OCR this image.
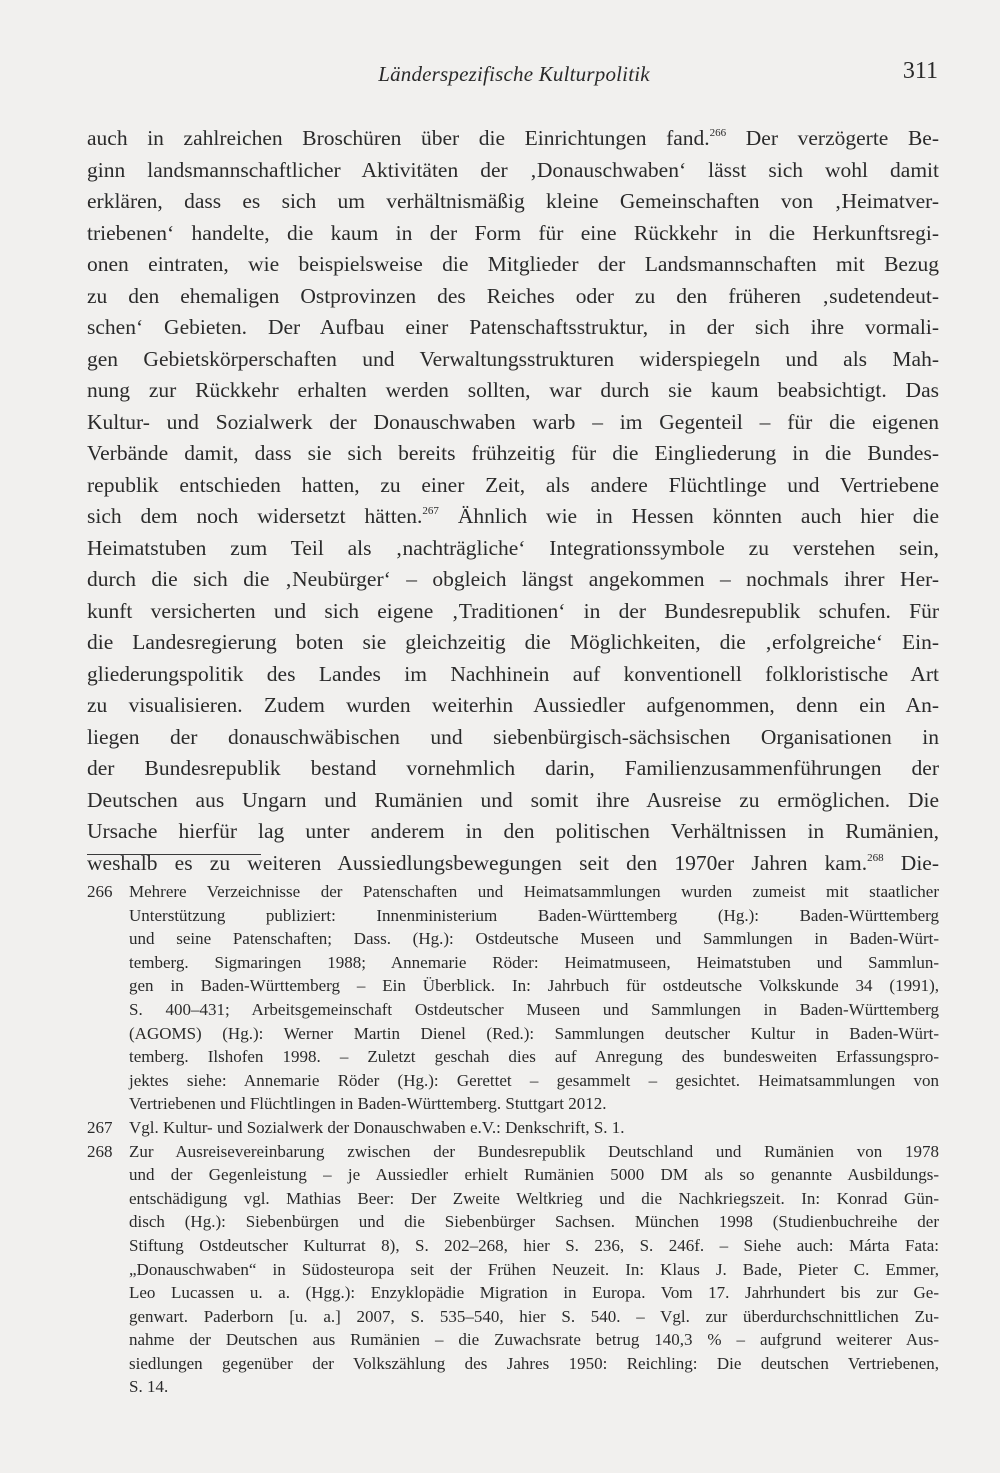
Länderspezifische Kulturpolitik	311
auch in zahlreichen Broschüren über die Einrichtungen fand.$^{266}$ Der verzögerte Be-
ginn landsmannschaftlicher Aktivitäten der ‚Donauschwaben‘ lässt sich wohl damit
erklären, dass es sich um verhältnismäßig kleine Gemeinschaften von ‚Heimatver-
triebenen‘ handelte, die kaum in der Form für eine Rückkehr in die Herkunftsregi-
onen eintraten, wie beispielsweise die Mitglieder der Landsmannschaften mit Bezug
zu den ehemaligen Ostprovinzen des Reiches oder zu den früheren ‚sudetendeut-
schen‘ Gebieten. Der Aufbau einer Patenschaftsstruktur, in der sich ihre vormali-
gen Gebietskörperschaften und Verwaltungsstrukturen widerspiegeln und als Mah-
nung zur Rückkehr erhalten werden sollten, war durch sie kaum beabsichtigt. Das
Kultur- und Sozialwerk der Donauschwaben warb – im Gegenteil – für die eigenen
Verbände damit, dass sie sich bereits frühzeitig für die Eingliederung in die Bundes-
republik entschieden hatten, zu einer Zeit, als andere Flüchtlinge und Vertriebene
sich dem noch widersetzt hätten.$^{267}$ Ähnlich wie in Hessen könnten auch hier die
Heimatstuben zum Teil als ‚nachträgliche‘ Integrationssymbole zu verstehen sein,
durch die sich die ‚Neubürger‘ – obgleich längst angekommen – nochmals ihrer Her-
kunft versicherten und sich eigene ‚Traditionen‘ in der Bundesrepublik schufen. Für
die Landesregierung boten sie gleichzeitig die Möglichkeiten, die ‚erfolgreiche‘ Ein-
gliederungspolitik des Landes im Nachhinein auf konventionell folkloristische Art
zu visualisieren. Zudem wurden weiterhin Aussiedler aufgenommen, denn ein An-
liegen der donauschwäbischen und siebenbürgisch-sächsischen Organisationen in
der Bundesrepublik bestand vornehmlich darin, Familienzusammenführungen der
Deutschen aus Ungarn und Rumänien und somit ihre Ausreise zu ermöglichen. Die
Ursache hierfür lag unter anderem in den politischen Verhältnissen in Rumänien,
weshalb es zu weiteren Aussiedlungsbewegungen seit den 1970er Jahren kam.$^{268}$ Die-
266 Mehrere Verzeichnisse der Patenschaften und Heimatsammlungen wurden zumeist mit staatlicher
Unterstützung publiziert: Innenministerium Baden-Württemberg (Hg.): Baden-Württemberg
und seine Patenschaften; Dass. (Hg.): Ostdeutsche Museen und Sammlungen in Baden-Würt-
temberg. Sigmaringen 1988; Annemarie Röder: Heimatmuseen, Heimatstuben und Sammlun-
gen in Baden-Württemberg – Ein Überblick. In: Jahrbuch für ostdeutsche Volkskunde 34 (1991),
S. 400–431; Arbeitsgemeinschaft Ostdeutscher Museen und Sammlungen in Baden-Württemberg
(AGOMS) (Hg.): Werner Martin Dienel (Red.): Sammlungen deutscher Kultur in Baden-Würt-
temberg. Ilshofen 1998. – Zuletzt geschah dies auf Anregung des bundesweiten Erfassungspro-
jektes siehe: Annemarie Röder (Hg.): Gerettet – gesammelt – gesichtet. Heimatsammlungen von
Vertriebenen und Flüchtlingen in Baden-Württemberg. Stuttgart 2012.
267 Vgl. Kultur- und Sozialwerk der Donauschwaben e.V.: Denkschrift, S. 1.
268 Zur Ausreisevereinbarung zwischen der Bundesrepublik Deutschland und Rumänien von 1978
und der Gegenleistung – je Aussiedler erhielt Rumänien 5000 DM als so genannte Ausbildungs-
entschädigung vgl. Mathias Beer: Der Zweite Weltkrieg und die Nachkriegszeit. In: Konrad Gün-
disch (Hg.): Siebenbürgen und die Siebenbürger Sachsen. München 1998 (Studienbuchreihe der
Stiftung Ostdeutscher Kulturrat 8), S. 202–268, hier S. 236, S. 246f. – Siehe auch: Márta Fata:
„Donauschwaben“ in Südosteuropa seit der Frühen Neuzeit. In: Klaus J. Bade, Pieter C. Emmer,
Leo Lucassen u. a. (Hgg.): Enzyklopädie Migration in Europa. Vom 17. Jahrhundert bis zur Ge-
genwart. Paderborn [u. a.] 2007, S. 535–540, hier S. 540. – Vgl. zur überdurchschnittlichen Zu-
nahme der Deutschen aus Rumänien – die Zuwachsrate betrug 140,3 % – aufgrund weiterer Aus-
siedlungen gegenüber der Volkszählung des Jahres 1950: Reichling: Die deutschen Vertriebenen,
S. 14.
